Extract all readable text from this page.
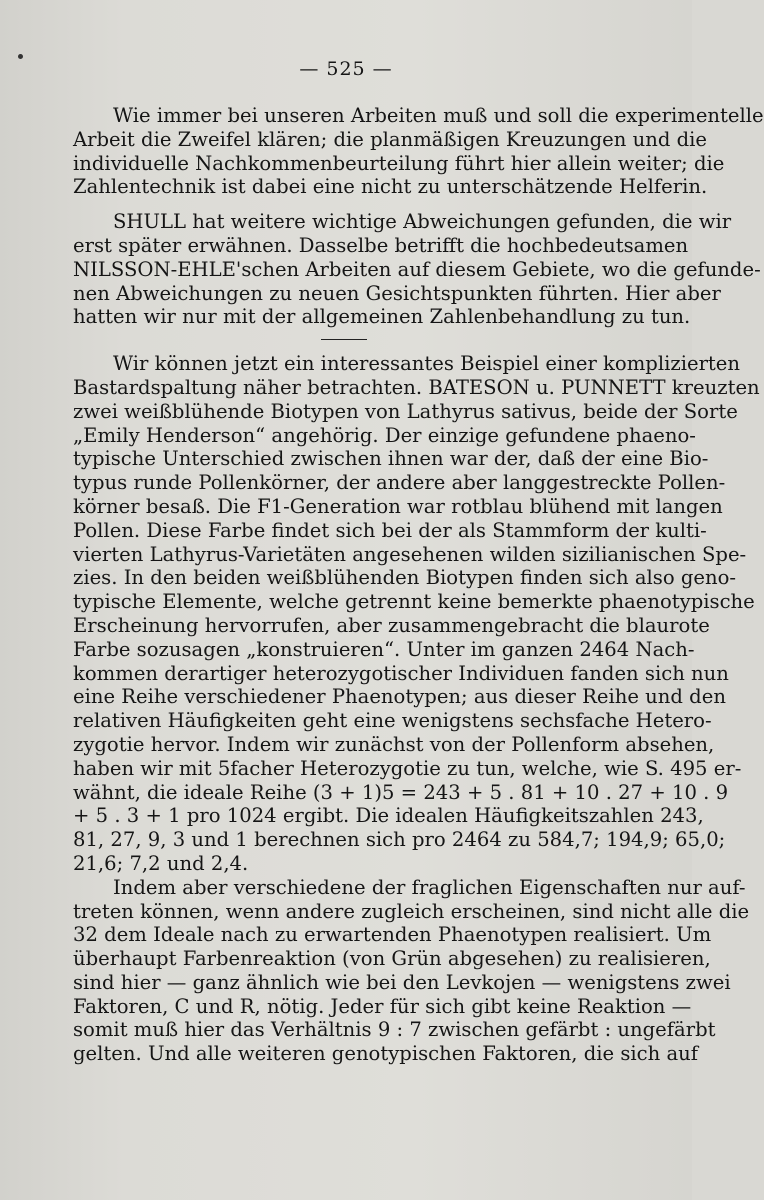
— 525 —

Wie immer bei unseren Arbeiten muß und soll die experimentelle
Arbeit die Zweifel klären; die planmäßigen Kreuzungen und die
individuelle Nachkommenbeurteilung führt hier allein weiter; die
Zahlentechnik ist dabei eine nicht zu unterschätzende Helferin.

SHULL hat weitere wichtige Abweichungen gefunden, die wir
erst später erwähnen. Dasselbe betrifft die hochbedeutsamen
NILSSON-EHLE'schen Arbeiten auf diesem Gebiete, wo die gefunde-
nen Abweichungen zu neuen Gesichtspunkten führten. Hier aber
hatten wir nur mit der allgemeinen Zahlenbehandlung zu tun.

Wir können jetzt ein interessantes Beispiel einer komplizierten
Bastardspaltung näher betrachten. BATESON u. PUNNETT kreuzten
zwei weißblühende Biotypen von Lathyrus sativus, beide der Sorte
„Emily Henderson“ angehörig. Der einzige gefundene phaeno-
typische Unterschied zwischen ihnen war der, daß der eine Bio-
typus runde Pollenkörner, der andere aber langgestreckte Pollen-
körner besaß. Die F1-Generation war rotblau blühend mit langen
Pollen. Diese Farbe findet sich bei der als Stammform der kulti-
vierten Lathyrus-Varietäten angesehenen wilden sizilianischen Spe-
zies. In den beiden weißblühenden Biotypen finden sich also geno-
typische Elemente, welche getrennt keine bemerkte phaenotypische
Erscheinung hervorrufen, aber zusammengebracht die blaurote
Farbe sozusagen „konstruieren“. Unter im ganzen 2464 Nach-
kommen derartiger heterozygotischer Individuen fanden sich nun
eine Reihe verschiedener Phaenotypen; aus dieser Reihe und den
relativen Häufigkeiten geht eine wenigstens sechsfache Hetero-
zygotie hervor. Indem wir zunächst von der Pollenform absehen,
haben wir mit 5facher Heterozygotie zu tun, welche, wie S. 495 er-
wähnt, die ideale Reihe (3 + 1)5 = 243 + 5 . 81 + 10 . 27 + 10 . 9
+ 5 . 3 + 1 pro 1024 ergibt. Die idealen Häufigkeitszahlen 243,
81, 27, 9, 3 und 1 berechnen sich pro 2464 zu 584,7; 194,9; 65,0;
21,6; 7,2 und 2,4.

Indem aber verschiedene der fraglichen Eigenschaften nur auf-
treten können, wenn andere zugleich erscheinen, sind nicht alle die
32 dem Ideale nach zu erwartenden Phaenotypen realisiert. Um
überhaupt Farbenreaktion (von Grün abgesehen) zu realisieren,
sind hier — ganz ähnlich wie bei den Levkojen — wenigstens zwei
Faktoren, C und R, nötig. Jeder für sich gibt keine Reaktion —
somit muß hier das Verhältnis 9 : 7 zwischen gefärbt : ungefärbt
gelten. Und alle weiteren genotypischen Faktoren, die sich auf
